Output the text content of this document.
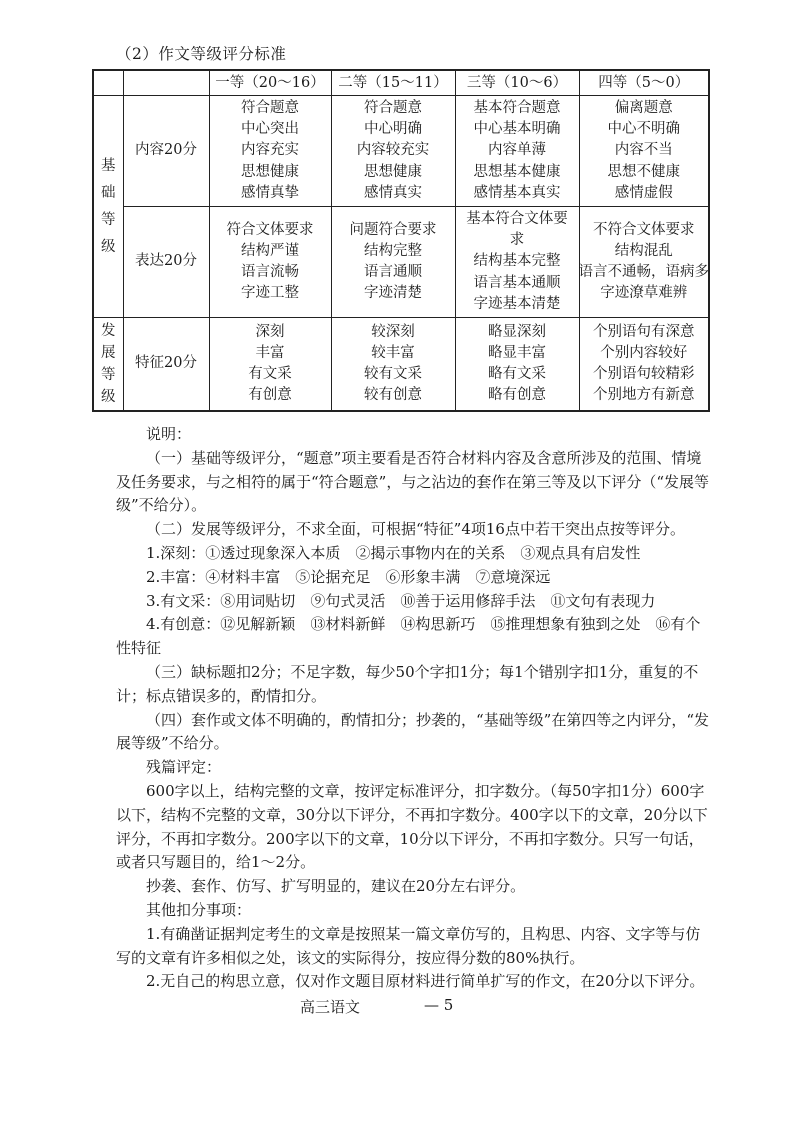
（2）作文等级评分标准
		一等（20～16）	二等（15～11）	三等（10～6）	四等（5～0）

基
础
等
级	内容20分	符合题意
中心突出
内容充实
思想健康
感情真挚	符合题意
中心明确
内容较充实
思想健康
感情真实	基本符合题意
中心基本明确
内容单薄
思想基本健康
感情基本真实	偏离题意
中心不明确
内容不当
思想不健康
感情虚假

	表达20分	符合文体要求
结构严谨
语言流畅
字迹工整	问题符合要求
结构完整
语言通顺
字迹清楚	基本符合文体要求
结构基本完整
语言基本通顺
字迹基本清楚	不符合文体要求
结构混乱
语言不通畅，语病多
字迹潦草难辨

发
展
等
级	特征20分	深刻
丰富
有文采
有创意	较深刻
较丰富
较有文采
较有创意	略显深刻
略显丰富
略有文采
略有创意	个别语句有深意
个别内容较好
个别语句较精彩
个别地方有新意

说明：

（一）基础等级评分，“题意”项主要看是否符合材料内容及含意所涉及的范围、情境及任务要求，与之相符的属于“符合题意”，与之沾边的套作在第三等及以下评分（“发展等级”不给分）。

（二）发展等级评分，不求全面，可根据“特征”4项16点中若干突出点按等评分。

1.深刻：①透过现象深入本质　②揭示事物内在的关系　③观点具有启发性

2.丰富：④材料丰富　⑤论据充足　⑥形象丰满　⑦意境深远

3.有文采：⑧用词贴切　⑨句式灵活　⑩善于运用修辞手法　⑪文句有表现力

4.有创意：⑫见解新颖　⑬材料新鲜　⑭构思新巧　⑮推理想象有独到之处　⑯有个性特征

（三）缺标题扣2分；不足字数，每少50个字扣1分；每1个错别字扣1分，重复的不计；标点错误多的，酌情扣分。

（四）套作或文体不明确的，酌情扣分；抄袭的，“基础等级”在第四等之内评分，“发展等级”不给分。

残篇评定：

600字以上，结构完整的文章，按评定标准评分，扣字数分。（每50字扣1分）600字以下，结构不完整的文章，30分以下评分，不再扣字数分。400字以下的文章，20分以下评分，不再扣字数分。200字以下的文章，10分以下评分，不再扣字数分。只写一句话，或者只写题目的，给1～2分。

抄袭、套作、仿写、扩写明显的，建议在20分左右评分。

其他扣分事项：

1.有确凿证据判定考生的文章是按照某一篇文章仿写的，且构思、内容、文字等与仿写的文章有许多相似之处，该文的实际得分，按应得分数的80%执行。

2.无自己的构思立意，仅对作文题目原材料进行简单扩写的作文，在20分以下评分。

高三语文	— 5
